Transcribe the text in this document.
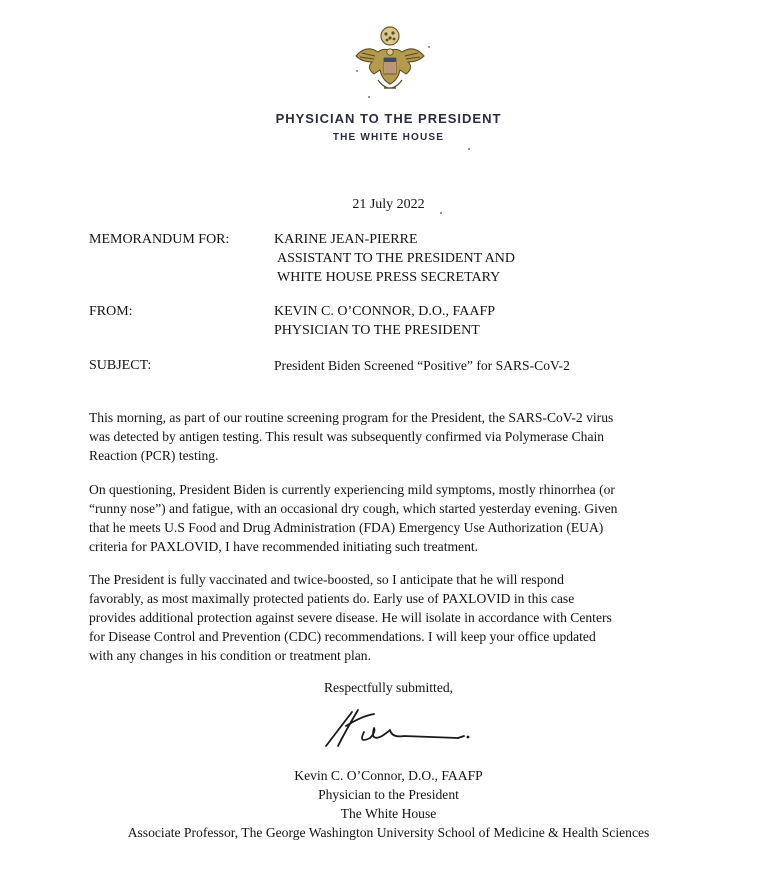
PHYSICIAN TO THE PRESIDENT
THE WHITE HOUSE
21 July 2022
MEMORANDUM FOR:	KARINE JEAN-PIERRE
ASSISTANT TO THE PRESIDENT AND
WHITE HOUSE PRESS SECRETARY
FROM:	KEVIN C. O’CONNOR, D.O., FAAFP
PHYSICIAN TO THE PRESIDENT
SUBJECT:	President Biden Screened “Positive” for SARS-CoV-2
This morning, as part of our routine screening program for the President, the SARS-CoV-2 virus
was detected by antigen testing. This result was subsequently confirmed via Polymerase Chain
Reaction (PCR) testing.
On questioning, President Biden is currently experiencing mild symptoms, mostly rhinorrhea (or
“runny nose”) and fatigue, with an occasional dry cough, which started yesterday evening. Given
that he meets U.S Food and Drug Administration (FDA) Emergency Use Authorization (EUA)
criteria for PAXLOVID, I have recommended initiating such treatment.
The President is fully vaccinated and twice-boosted, so I anticipate that he will respond
favorably, as most maximally protected patients do. Early use of PAXLOVID in this case
provides additional protection against severe disease. He will isolate in accordance with Centers
for Disease Control and Prevention (CDC) recommendations. I will keep your office updated
with any changes in his condition or treatment plan.
Respectfully submitted,
Kevin C. O’Connor, D.O., FAAFP
Physician to the President
The White House
Associate Professor, The George Washington University School of Medicine & Health Sciences
